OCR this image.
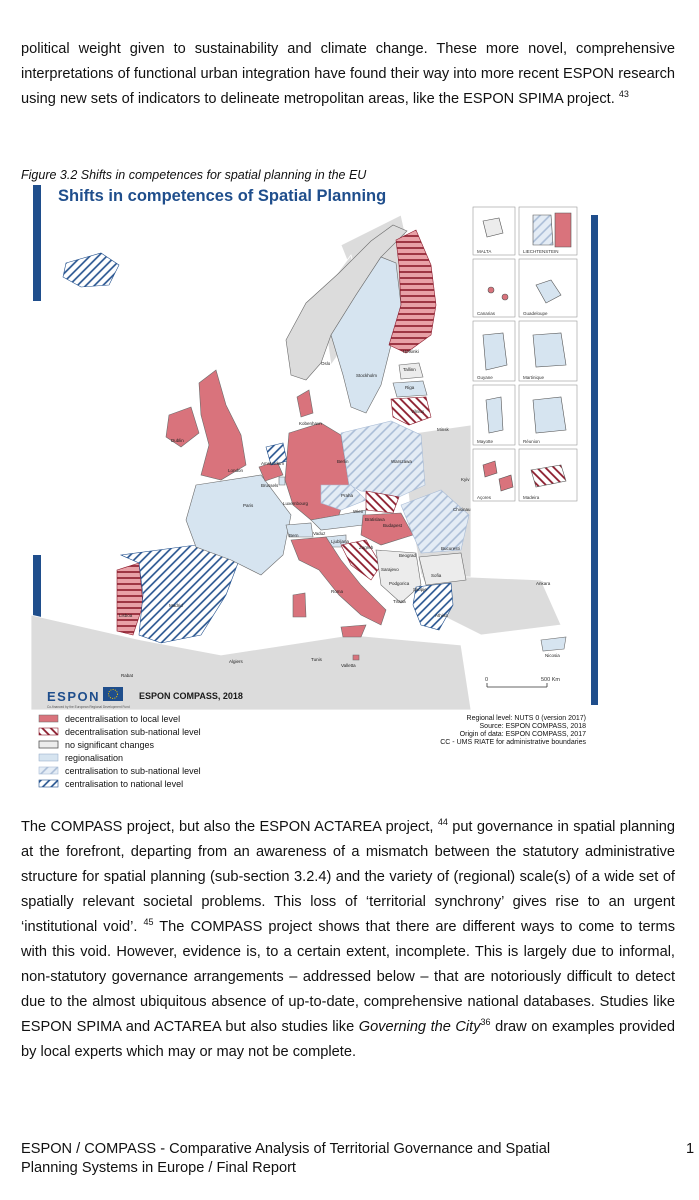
political weight given to sustainability and climate change. These more novel, comprehensive interpretations of functional urban integration have found their way into more recent ESPON research using new sets of indicators to delineate metropolitan areas, like the ESPON SPIMA project. $^{43}$

Figure 3.2 Shifts in competences for spatial planning in the EU
Shifts in competences of Spatial Planning
MALTA	LIECHTENSTEIN
Canarias	Guadeloupe
Guyane	Martinique
Mayotte	Réunion
Açores	Madeira
Dublin
London
Amsterdam
Brussels
Paris	Luxembourg
Berlin
Praha
Warszawa
Minsk
Vilnius
Riga
Tallinn
Helsinki
Stockholm
Oslo
Kobenhavn
Bern	Vaduz
Wien
Bratislava
Budapest
Ljubljana
Zagreb
Beograd
Sarajevo
Podgorica
Tirana
Skopje
Sofia
Bucuresti
Chisinau
Kyiv
Ankara
Athina
Nicosia
Valletta
Roma
Madrid
Lisboa
Rabat
Algiers	Tunis
0	500 Km
ESPON
Co-financed by the European Regional Development Fund
ESPON COMPASS, 2018
decentralisation to local level
decentralisation sub-national level
no significant changes
regionalisation
centralisation to sub-national level
centralisation to national level
Regional level: NUTS 0 (version 2017)
Source: ESPON COMPASS, 2018
Origin of data: ESPON COMPASS, 2017
CC - UMS RIATE for administrative boundaries

The COMPASS project, but also the ESPON ACTAREA project, $^{44}$ put governance in spatial planning at the forefront, departing from an awareness of a mismatch between the statutory administrative structure for spatial planning (sub-section 3.2.4) and the variety of (regional) scale(s) of a wide set of spatially relevant societal problems. This loss of ‘territorial synchrony’ gives rise to an urgent ‘institutional void’. $^{45}$ The COMPASS project shows that there are different ways to come to terms with this void. However, evidence is, to a certain extent, incomplete. This is largely due to informal, non-statutory governance arrangements – addressed below – that are notoriously difficult to detect due to the almost ubiquitous absence of up-to-date, comprehensive national databases. Studies like ESPON SPIMA and ACTAREA but also studies like Governing the City$^{36}$ draw on examples provided by local experts which may or may not be complete.

ESPON / COMPASS - Comparative Analysis of Territorial Governance and Spatial
Planning Systems in Europe / Final Report
1
